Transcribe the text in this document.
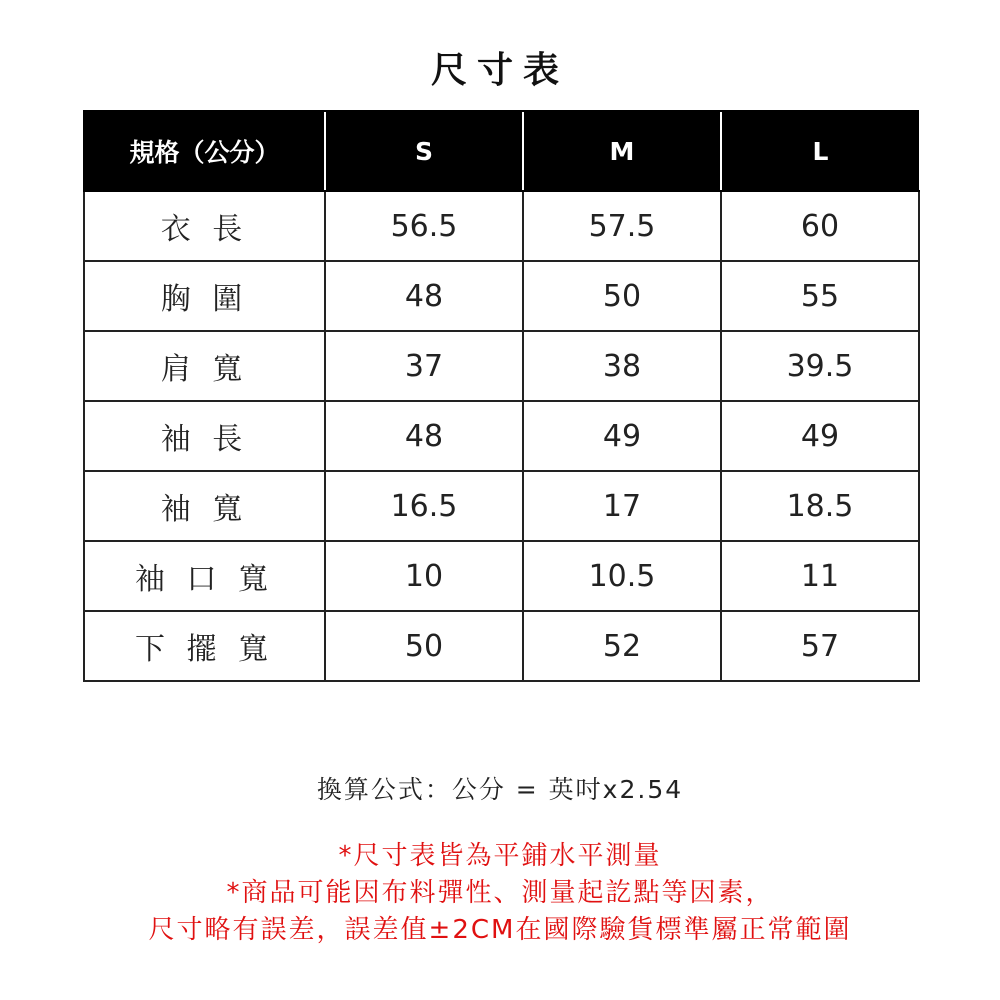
尺寸表
規格（公分）	S	M	L
衣 長	56.5	57.5	60
胸 圍	48	50	55
肩 寬	37	38	39.5
袖 長	48	49	49
袖 寬	16.5	17	18.5
袖 口 寬	10	10.5	11
下 擺 寬	50	52	57
換算公式：公分 = 英吋x2.54
*尺寸表皆為平鋪水平測量
*商品可能因布料彈性、測量起訖點等因素，
尺寸略有誤差，誤差值±2CM在國際驗貨標準屬正常範圍
